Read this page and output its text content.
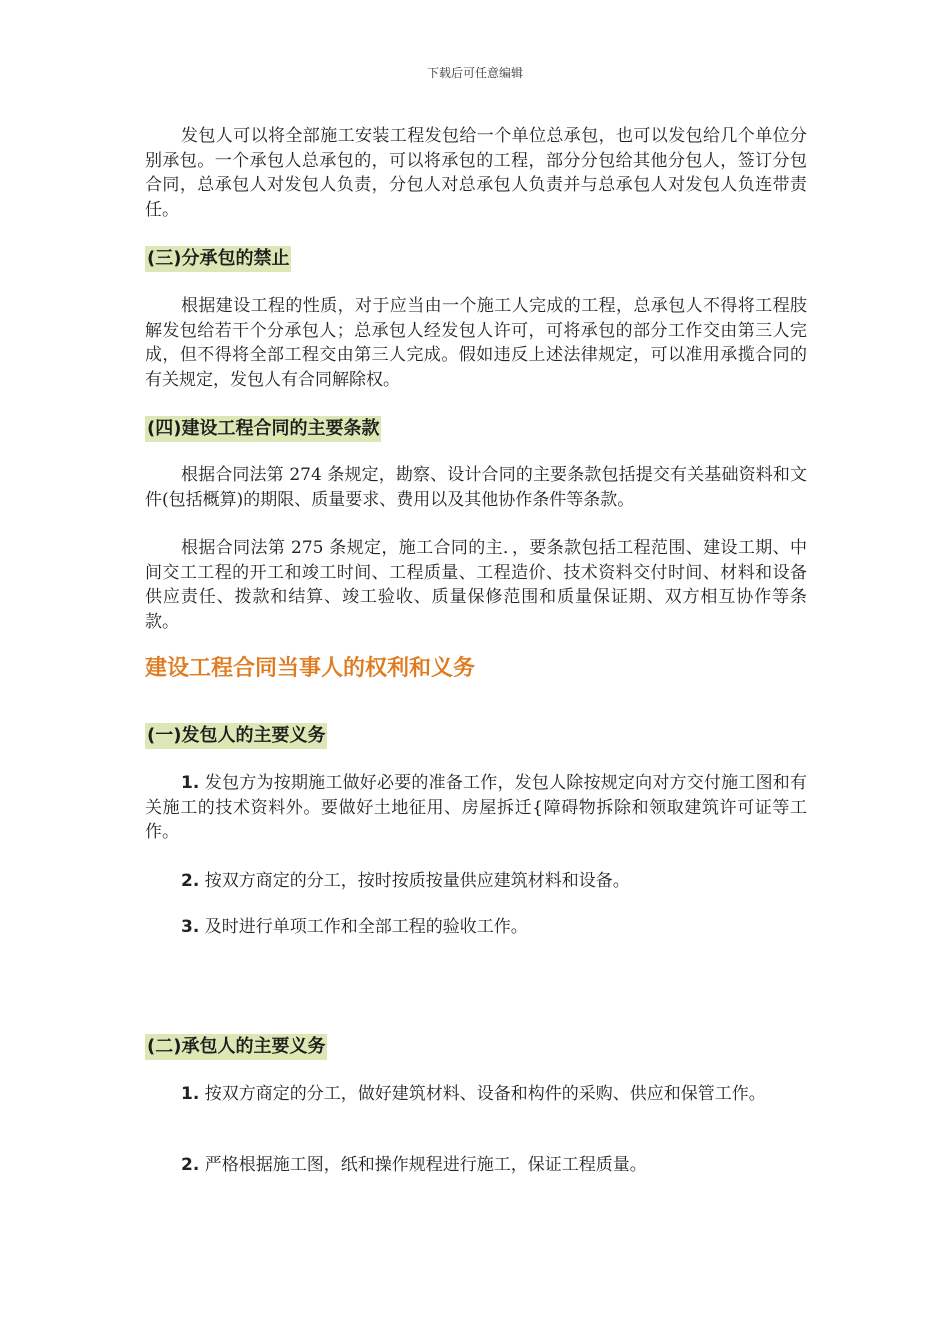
下载后可任意编辑

发包人可以将全部施工安装工程发包给一个单位总承包，也可以发包给几个单位分别承包。一个承包人总承包的，可以将承包的工程，部分分包给其他分包人，签订分包合同，总承包人对发包人负责，分包人对总承包人负责并与总承包人对发包人负连带责任。

(三)分承包的禁止

根据建设工程的性质，对于应当由一个施工人完成的工程，总承包人不得将工程肢解发包给若干个分承包人；总承包人经发包人许可，可将承包的部分工作交由第三人完成，但不得将全部工程交由第三人完成。假如违反上述法律规定，可以准用承揽合同的有关规定，发包人有合同解除权。

(四)建设工程合同的主要条款

根据合同法第 274 条规定，勘察、设计合同的主要条款包括提交有关基础资料和文件(包括概算)的期限、质量要求、费用以及其他协作条件等条款。

根据合同法第 275 条规定，施工合同的主．，要条款包括工程范围、建设工期、中间交工工程的开工和竣工时间、工程质量、工程造价、技术资料交付时间、材料和设备供应责任、拨款和结算、竣工验收、质量保修范围和质量保证期、双方相互协作等条款。

建设工程合同当事人的权利和义务
(一)发包人的主要义务

1. 发包方为按期施工做好必要的准备工作，发包人除按规定向对方交付施工图和有关施工的技术资料外。要做好土地征用、房屋拆迁{障碍物拆除和领取建筑许可证等工作。

2. 按双方商定的分工，按时按质按量供应建筑材料和设备。

3. 及时进行单项工作和全部工程的验收工作。

(二)承包人的主要义务

1. 按双方商定的分工，做好建筑材料、设备和构件的采购、供应和保管工作。

2. 严格根据施工图，纸和操作规程进行施工，保证工程质量。
